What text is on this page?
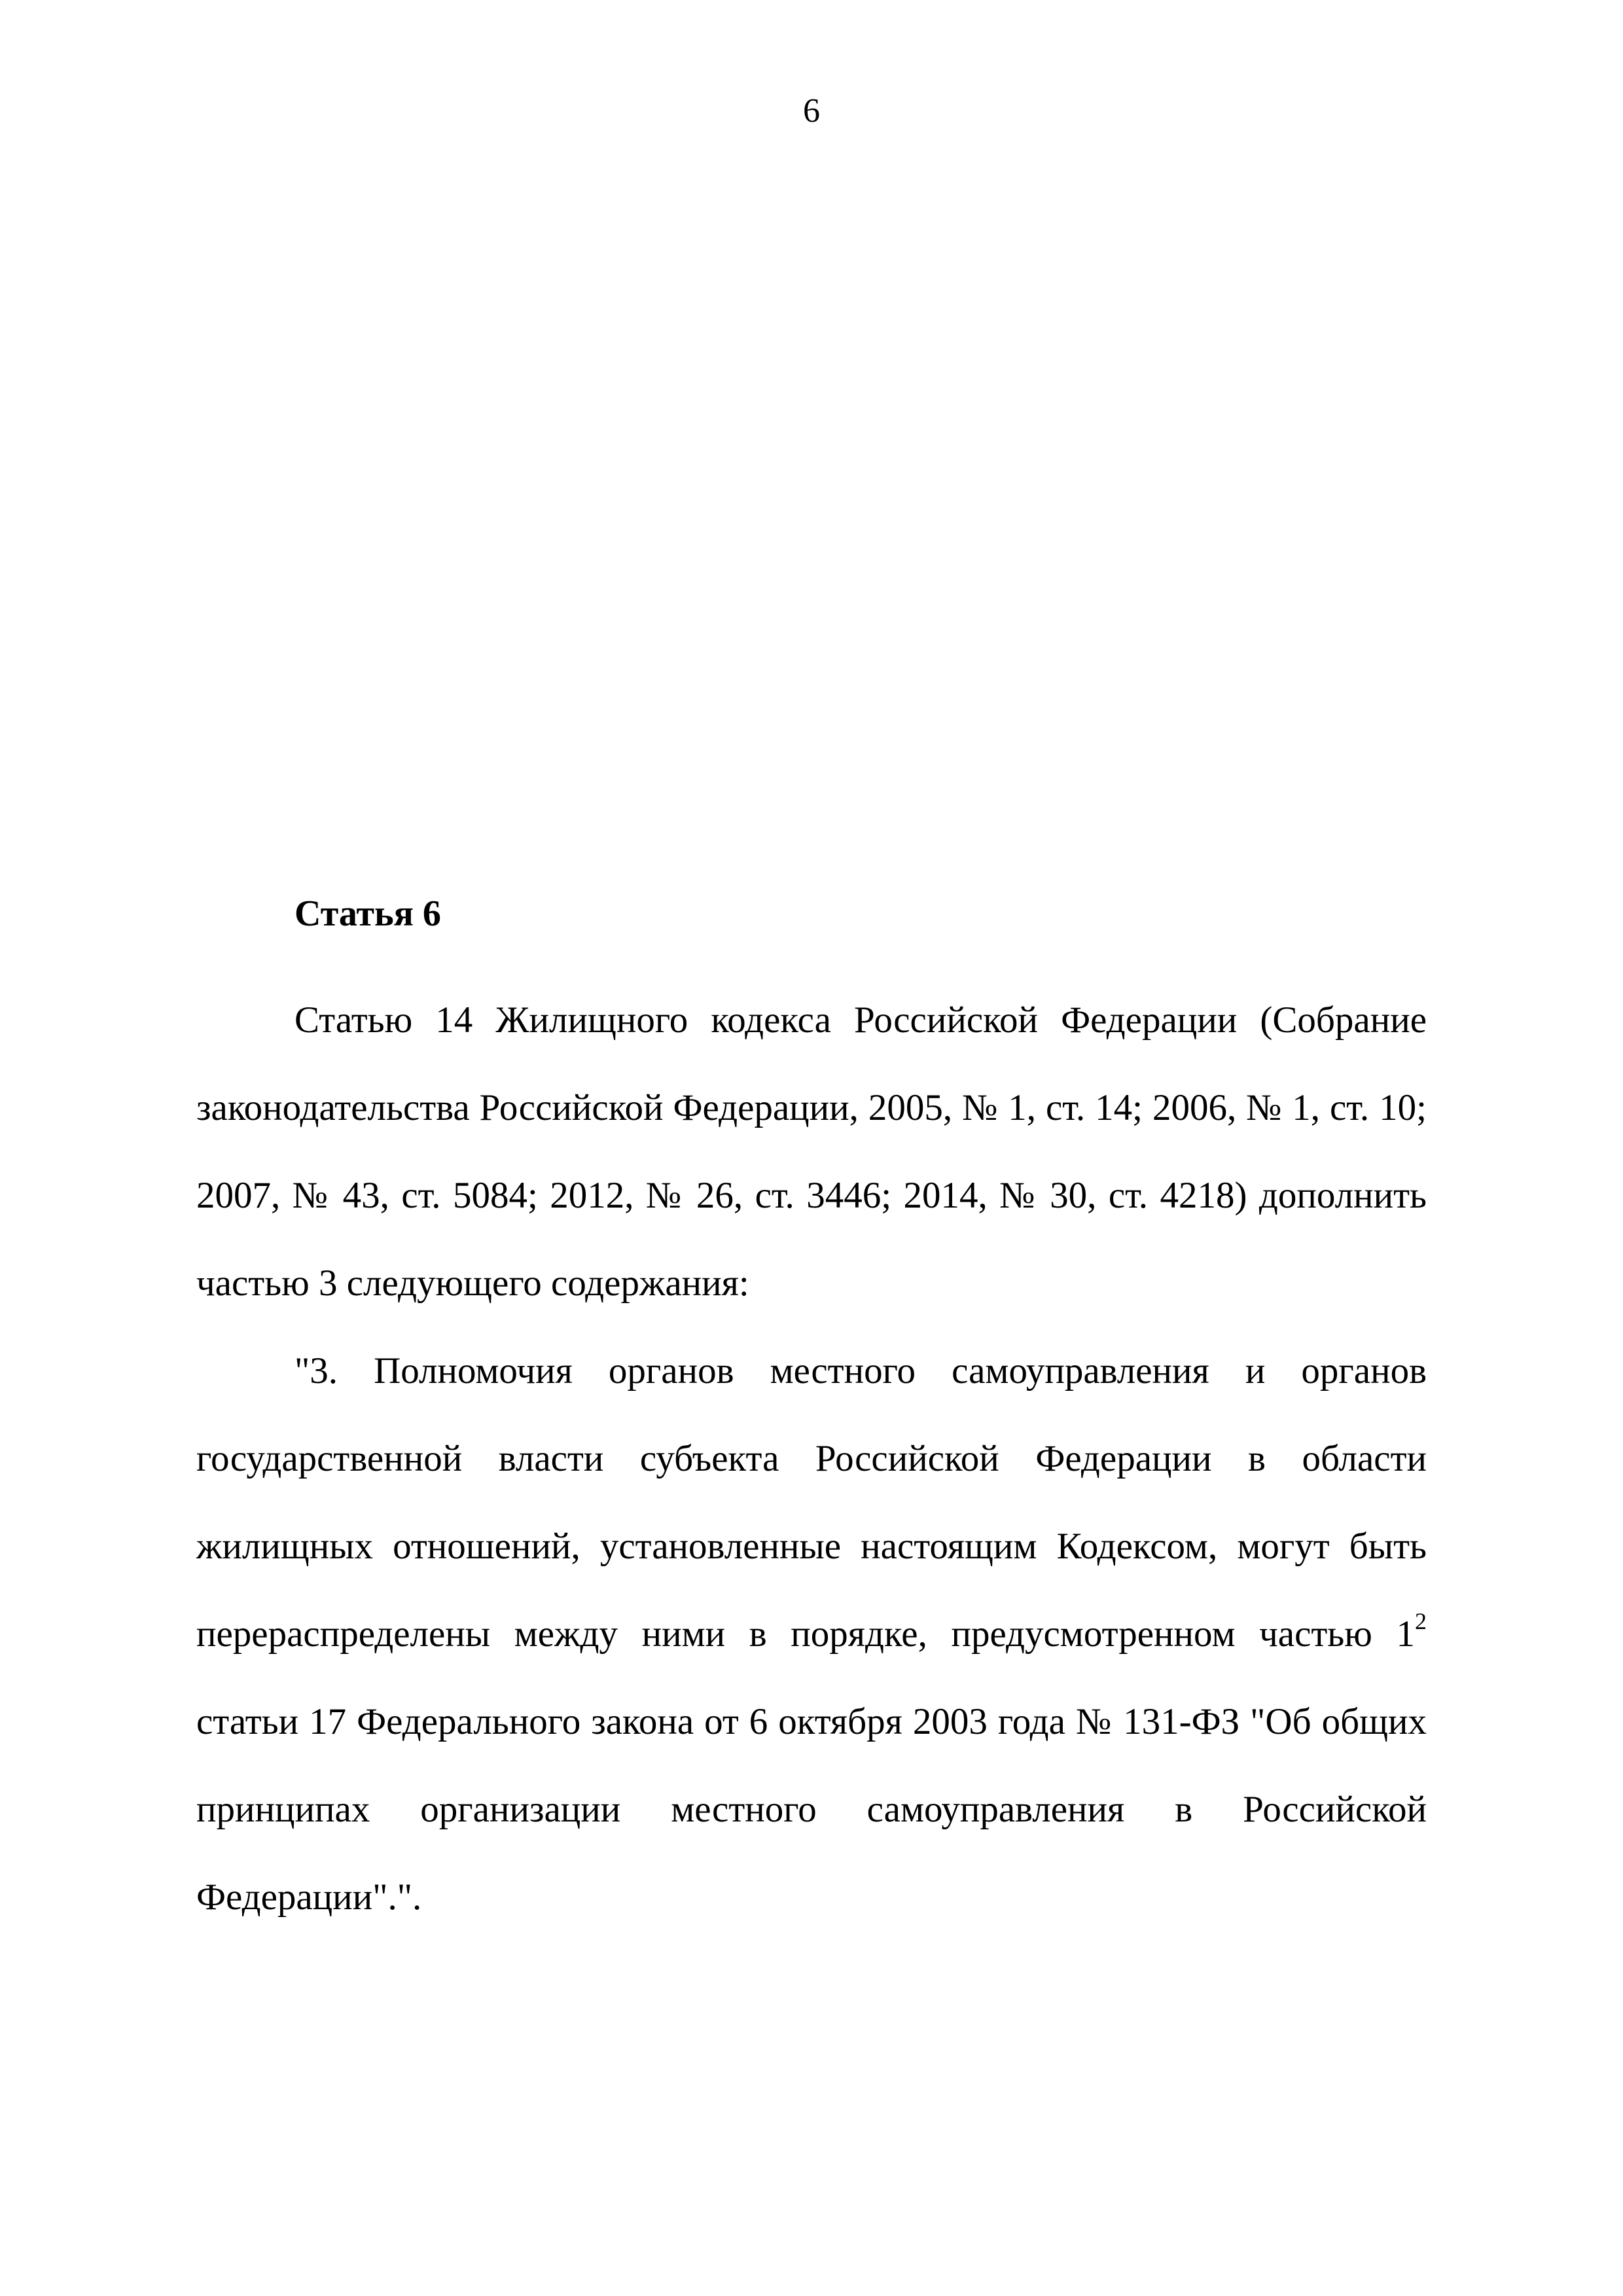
6
Статья 6

Статью 14 Жилищного кодекса Российской Федерации (Собрание законодательства Российской Федерации, 2005, № 1, ст. 14; 2006, № 1, ст. 10; 2007, № 43, ст. 5084; 2012, № 26, ст. 3446; 2014, № 30, ст. 4218) дополнить частью 3 следующего содержания:

"3. Полномочия органов местного самоуправления и органов государственной власти субъекта Российской Федерации в области жилищных отношений, установленные настоящим Кодексом, могут быть перераспределены между ними в порядке, предусмотренном частью $1^2$ статьи 17 Федерального закона от 6 октября 2003 года № 131-ФЗ "Об общих принципах организации местного самоуправления в Российской Федерации".".
